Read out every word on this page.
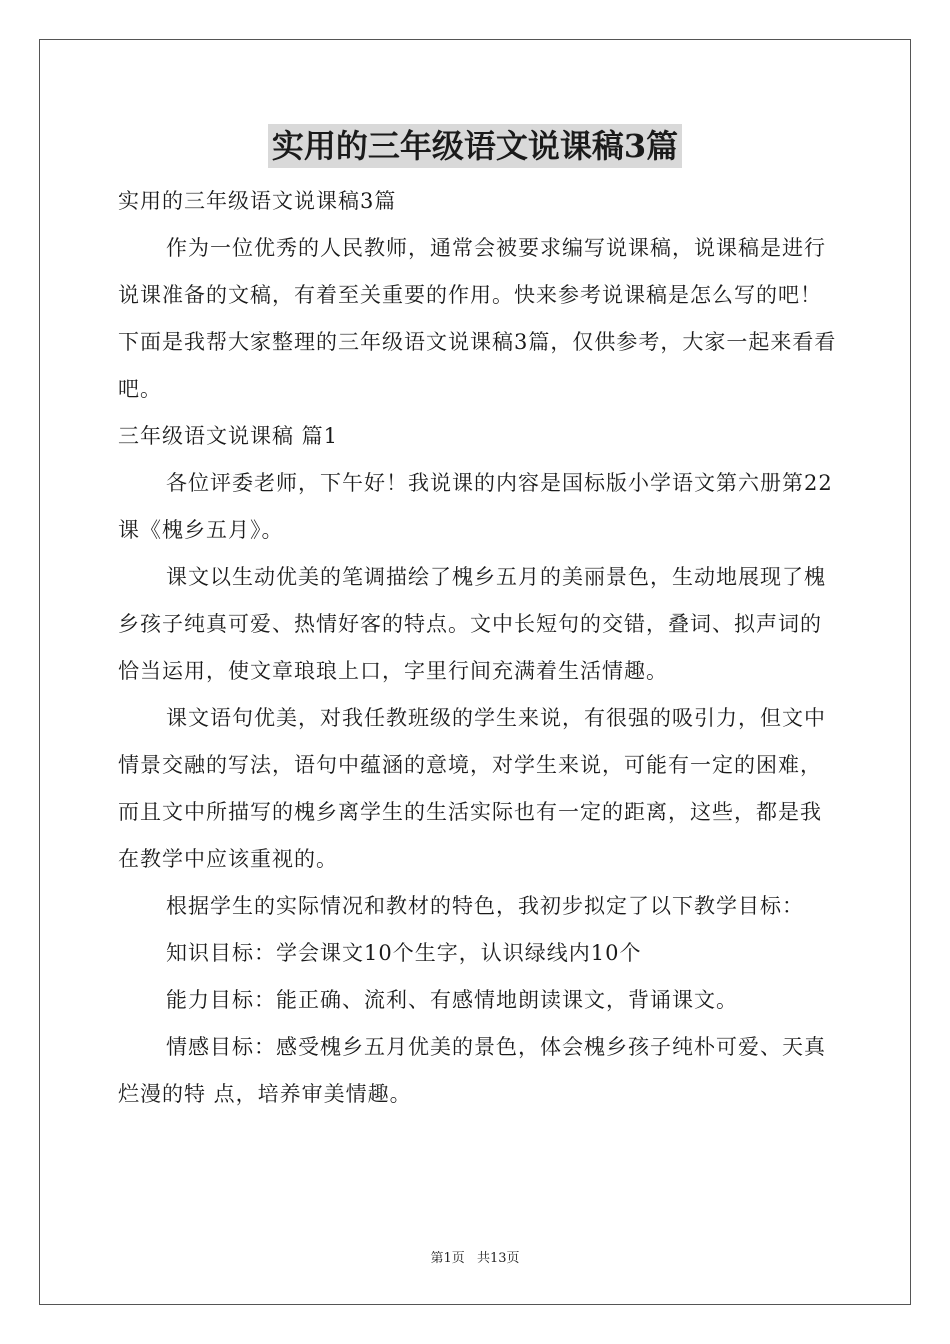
实用的三年级语文说课稿3篇

实用的三年级语文说课稿3篇

作为一位优秀的人民教师，通常会被要求编写说课稿，说课稿是进行说课准备的文稿，有着至关重要的作用。快来参考说课稿是怎么写的吧！下面是我帮大家整理的三年级语文说课稿3篇，仅供参考，大家一起来看看吧。

三年级语文说课稿 篇1

各位评委老师，下午好！我说课的内容是国标版小学语文第六册第22课《槐乡五月》。

课文以生动优美的笔调描绘了槐乡五月的美丽景色，生动地展现了槐乡孩子纯真可爱、热情好客的特点。文中长短句的交错，叠词、拟声词的恰当运用，使文章琅琅上口，字里行间充满着生活情趣。

课文语句优美，对我任教班级的学生来说，有很强的吸引力，但文中情景交融的写法，语句中蕴涵的意境，对学生来说，可能有一定的困难，而且文中所描写的槐乡离学生的生活实际也有一定的距离，这些，都是我在教学中应该重视的。

根据学生的实际情况和教材的特色，我初步拟定了以下教学目标：

知识目标：学会课文10个生字，认识绿线内10个

能力目标：能正确、流利、有感情地朗读课文，背诵课文。

情感目标：感受槐乡五月优美的景色，体会槐乡孩子纯朴可爱、天真烂漫的特 点，培养审美情趣。

第1页 共13页
